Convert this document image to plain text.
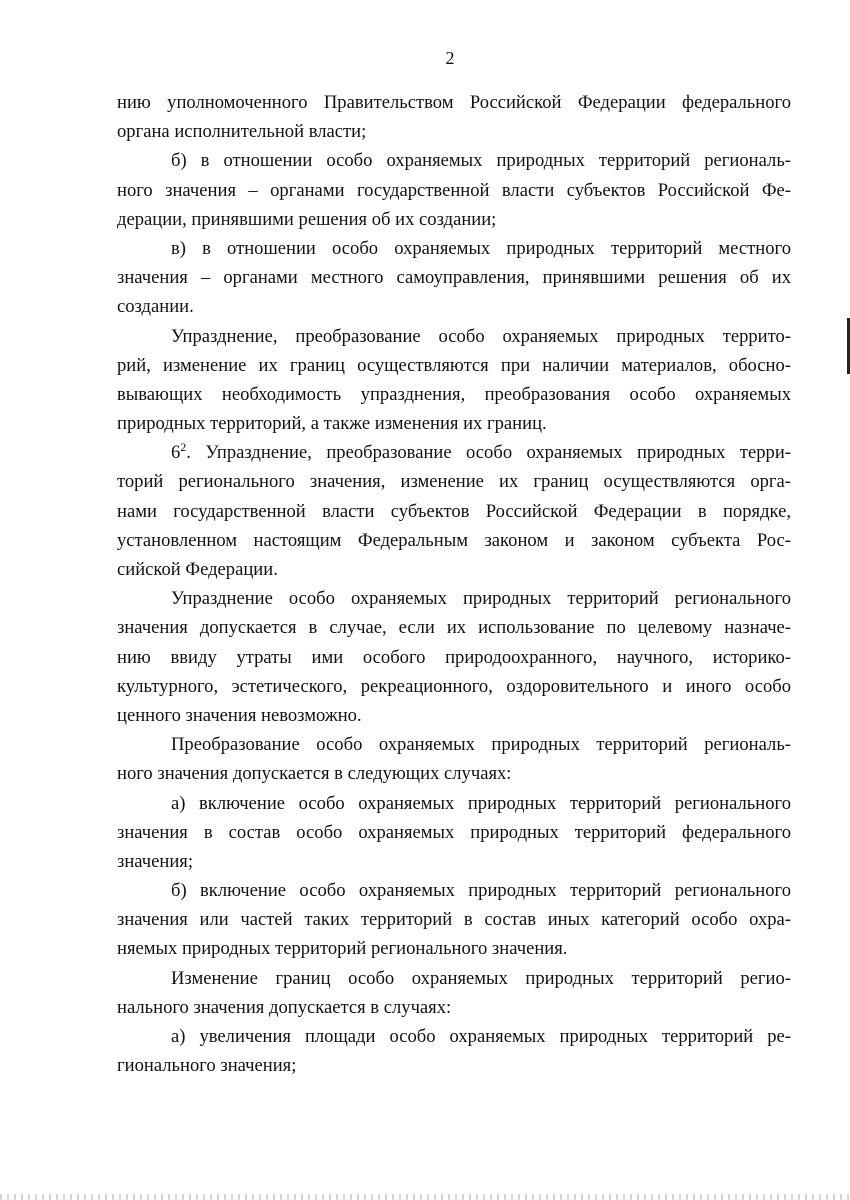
2
нию уполномоченного Правительством Российской Федерации федерального
органа исполнительной власти;
б) в отношении особо охраняемых природных территорий региональ-
ного значения – органами государственной власти субъектов Российской Фе-
дерации, принявшими решения об их создании;
в) в отношении особо охраняемых природных территорий местного
значения – органами местного самоуправления, принявшими решения об их
создании.
Упразднение, преобразование особо охраняемых природных террито-
рий, изменение их границ осуществляются при наличии материалов, обосно-
вывающих необходимость упразднения, преобразования особо охраняемых
природных территорий, а также изменения их границ.
$6^2$. Упразднение, преобразование особо охраняемых природных терри-
торий регионального значения, изменение их границ осуществляются орга-
нами государственной власти субъектов Российской Федерации в порядке,
установленном настоящим Федеральным законом и законом субъекта Рос-
сийской Федерации.
Упразднение особо охраняемых природных территорий регионального
значения допускается в случае, если их использование по целевому назначе-
нию ввиду утраты ими особого природоохранного, научного, историко-
культурного, эстетического, рекреационного, оздоровительного и иного особо
ценного значения невозможно.
Преобразование особо охраняемых природных территорий региональ-
ного значения допускается в следующих случаях:
а) включение особо охраняемых природных территорий регионального
значения в состав особо охраняемых природных территорий федерального
значения;
б) включение особо охраняемых природных территорий регионального
значения или частей таких территорий в состав иных категорий особо охра-
няемых природных территорий регионального значения.
Изменение границ особо охраняемых природных территорий регио-
нального значения допускается в случаях:
а) увеличения площади особо охраняемых природных территорий ре-
гионального значения;
